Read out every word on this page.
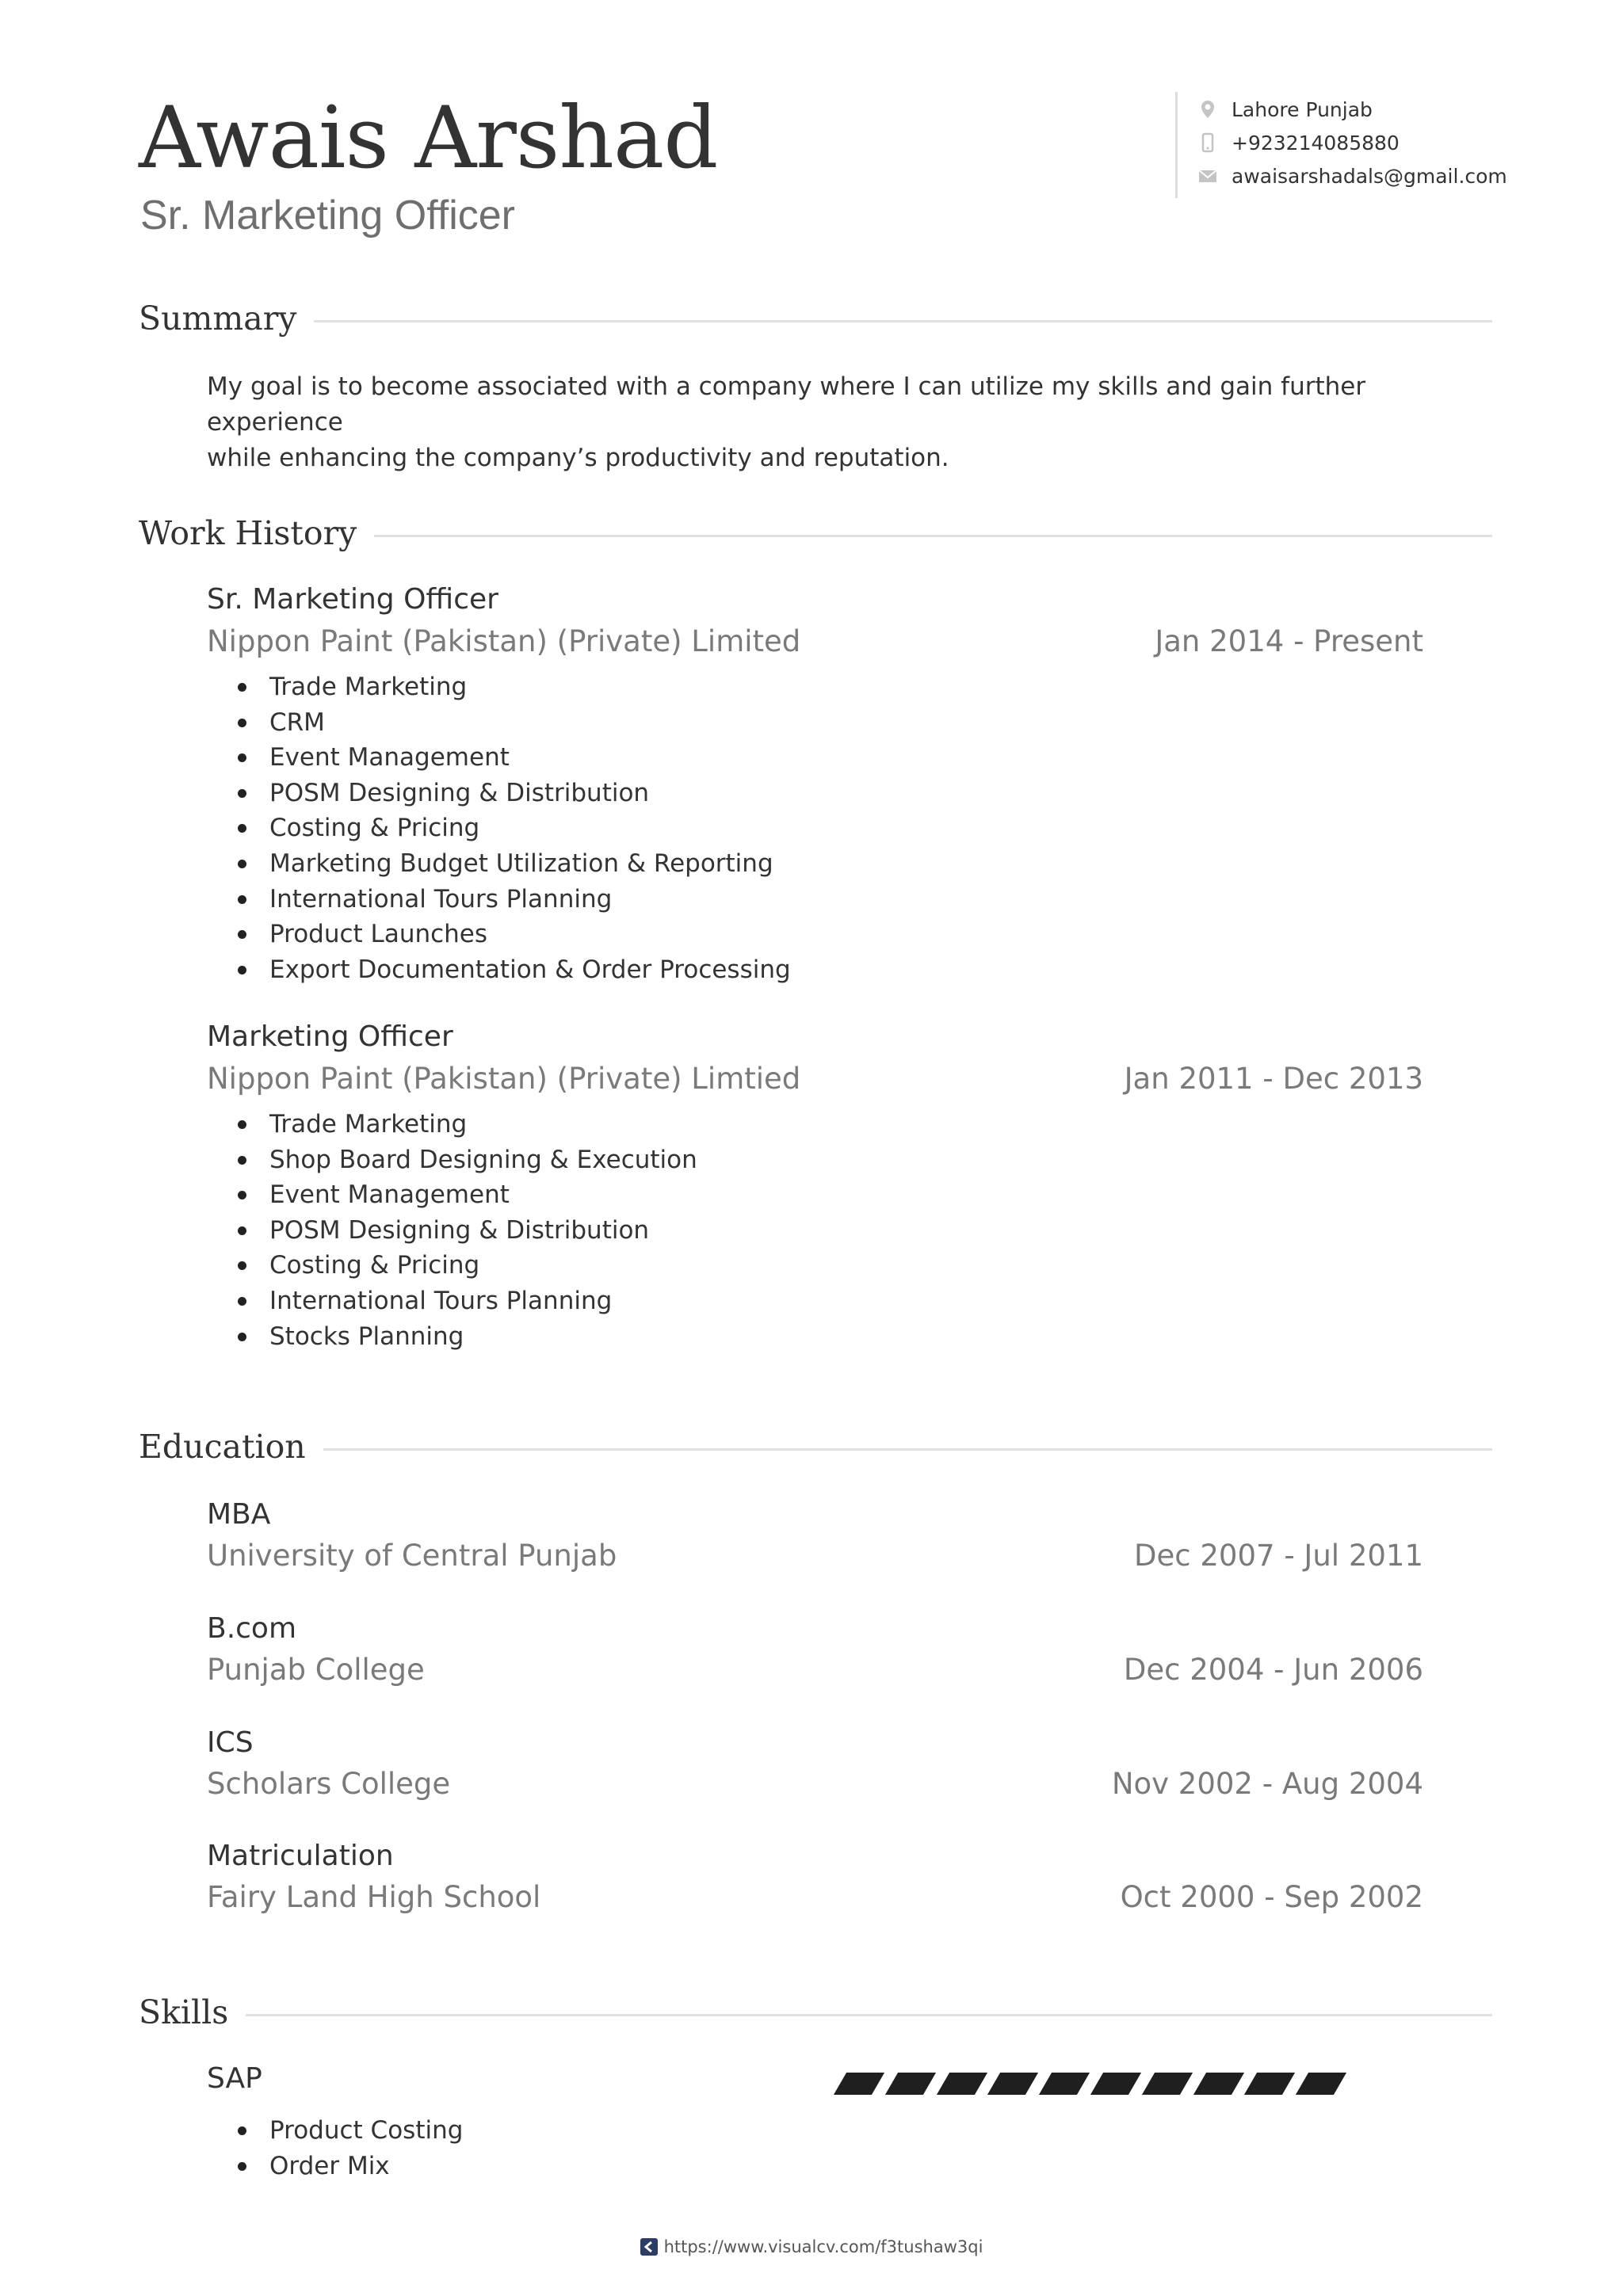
Awais Arshad
Sr. Marketing Officer
Lahore Punjab
+923214085880
awaisarshadals@gmail.com
Summary
My goal is to become associated with a company where I can utilize my skills and gain further experience
while enhancing the company’s productivity and reputation.
Work History
Sr. Marketing Officer
Nippon Paint (Pakistan) (Private) Limited	Jan 2014 - Present
Trade Marketing
CRM
Event Management
POSM Designing & Distribution
Costing & Pricing
Marketing Budget Utilization & Reporting
International Tours Planning
Product Launches
Export Documentation & Order Processing
Marketing Officer
Nippon Paint (Pakistan) (Private) Limtied	Jan 2011 - Dec 2013
Trade Marketing
Shop Board Designing & Execution
Event Management
POSM Designing & Distribution
Costing & Pricing
International Tours Planning
Stocks Planning
Education
MBA
University of Central Punjab	Dec 2007 - Jul 2011
B.com
Punjab College	Dec 2004 - Jun 2006
ICS
Scholars College	Nov 2002 - Aug 2004
Matriculation
Fairy Land High School	Oct 2000 - Sep 2002
Skills
SAP
Product Costing
Order Mix
https://www.visualcv.com/f3tushaw3qi
